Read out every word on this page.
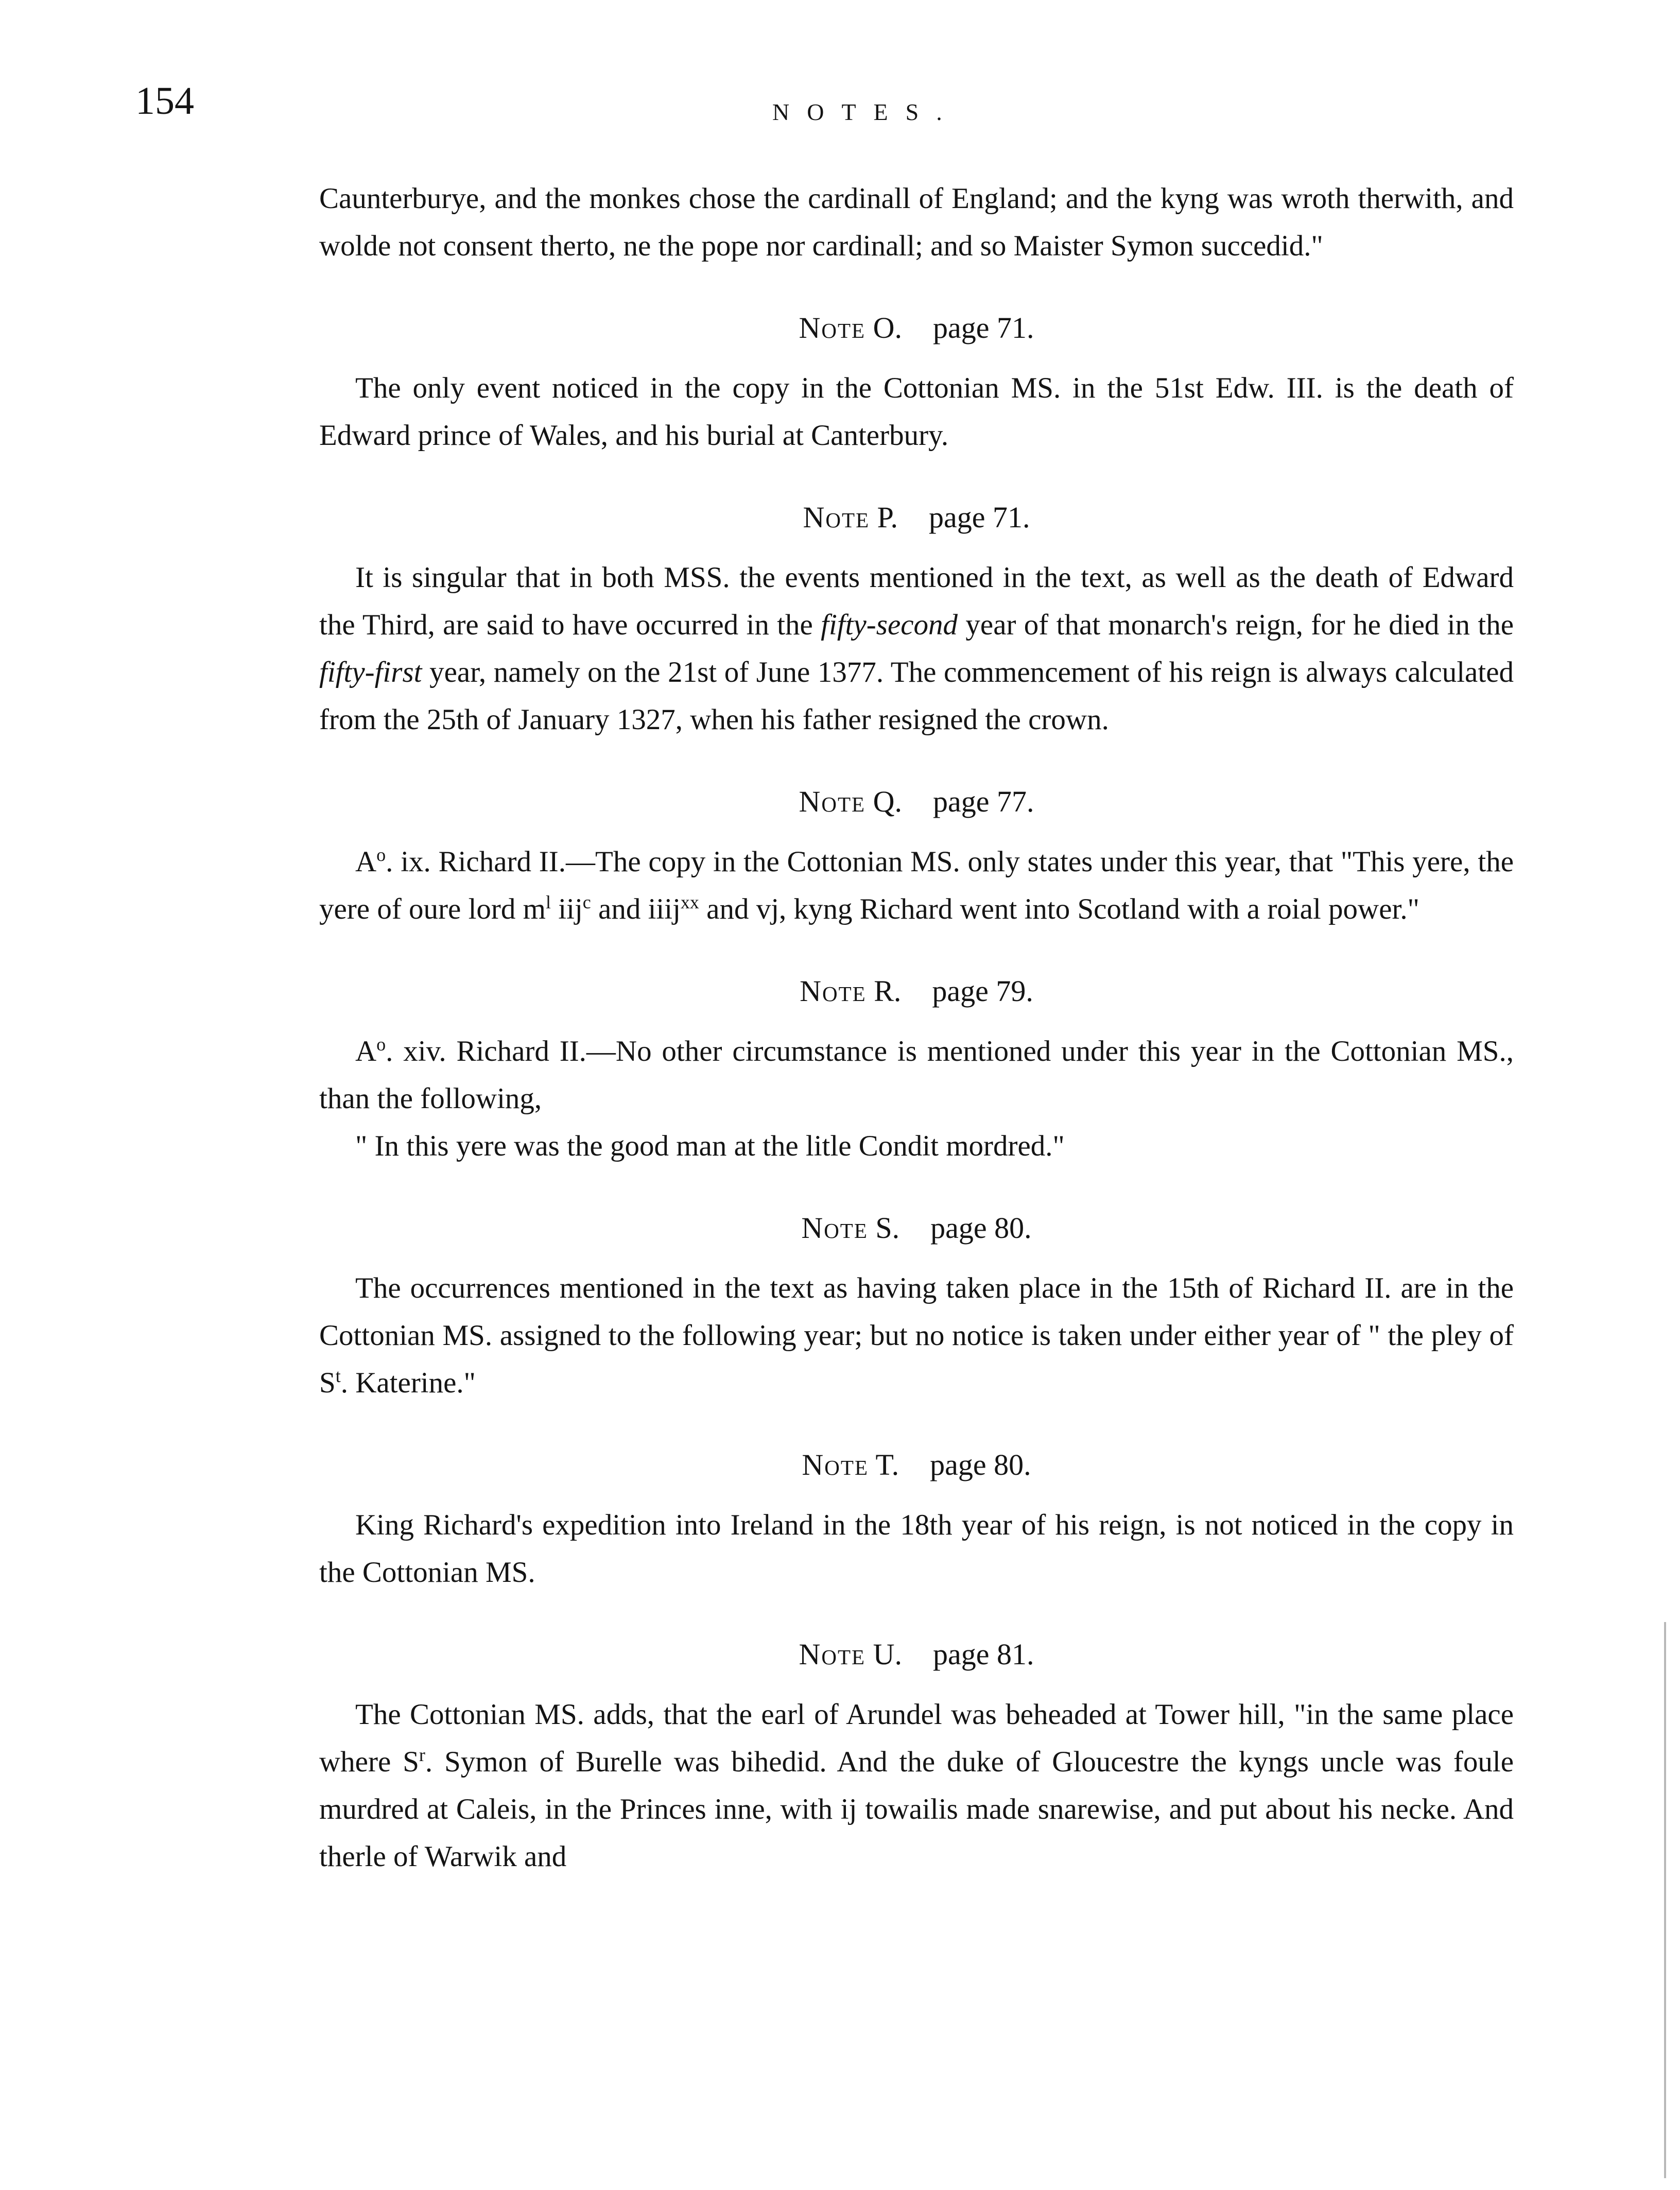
154	NOTES.

Caunterburye, and the monkes chose the cardinall of England; and the kyng was wroth therwith, and wolde not consent therto, ne the pope nor cardinall; and so Maister Symon succedid."

Note O. page 71.

The only event noticed in the copy in the Cottonian MS. in the 51st Edw. III. is the death of Edward prince of Wales, and his burial at Canterbury.

Note P. page 71.

It is singular that in both MSS. the events mentioned in the text, as well as the death of Edward the Third, are said to have occurred in the fifty-second year of that monarch's reign, for he died in the fifty-first year, namely on the 21st of June 1377. The commencement of his reign is always calculated from the 25th of January 1327, when his father resigned the crown.

Note Q. page 77.

$A^o$. ix. Richard II.—The copy in the Cottonian MS. only states under this year, that "This yere, the yere of oure lord $m^l$ iij$^c$ and iiij$^{xx}$ and vj, kyng Richard went into Scotland with a roial power."

Note R. page 79.

$A^o$. xiv. Richard II.—No other circumstance is mentioned under this year in the Cottonian MS., than the following,

" In this yere was the good man at the litle Condit mordred."

Note S. page 80.

The occurrences mentioned in the text as having taken place in the 15th of Richard II. are in the Cottonian MS. assigned to the following year; but no notice is taken under either year of " the pley of $S^t$. Katerine."

Note T. page 80.

King Richard's expedition into Ireland in the 18th year of his reign, is not noticed in the copy in the Cottonian MS.

Note U. page 81.

The Cottonian MS. adds, that the earl of Arundel was beheaded at Tower hill, "in the same place where $S^r$. Symon of Burelle was bihedid. And the duke of Gloucestre the kyngs uncle was foule murdred at Caleis, in the Princes inne, with ij towailis made snarewise, and put about his necke. And therle of Warwik and
